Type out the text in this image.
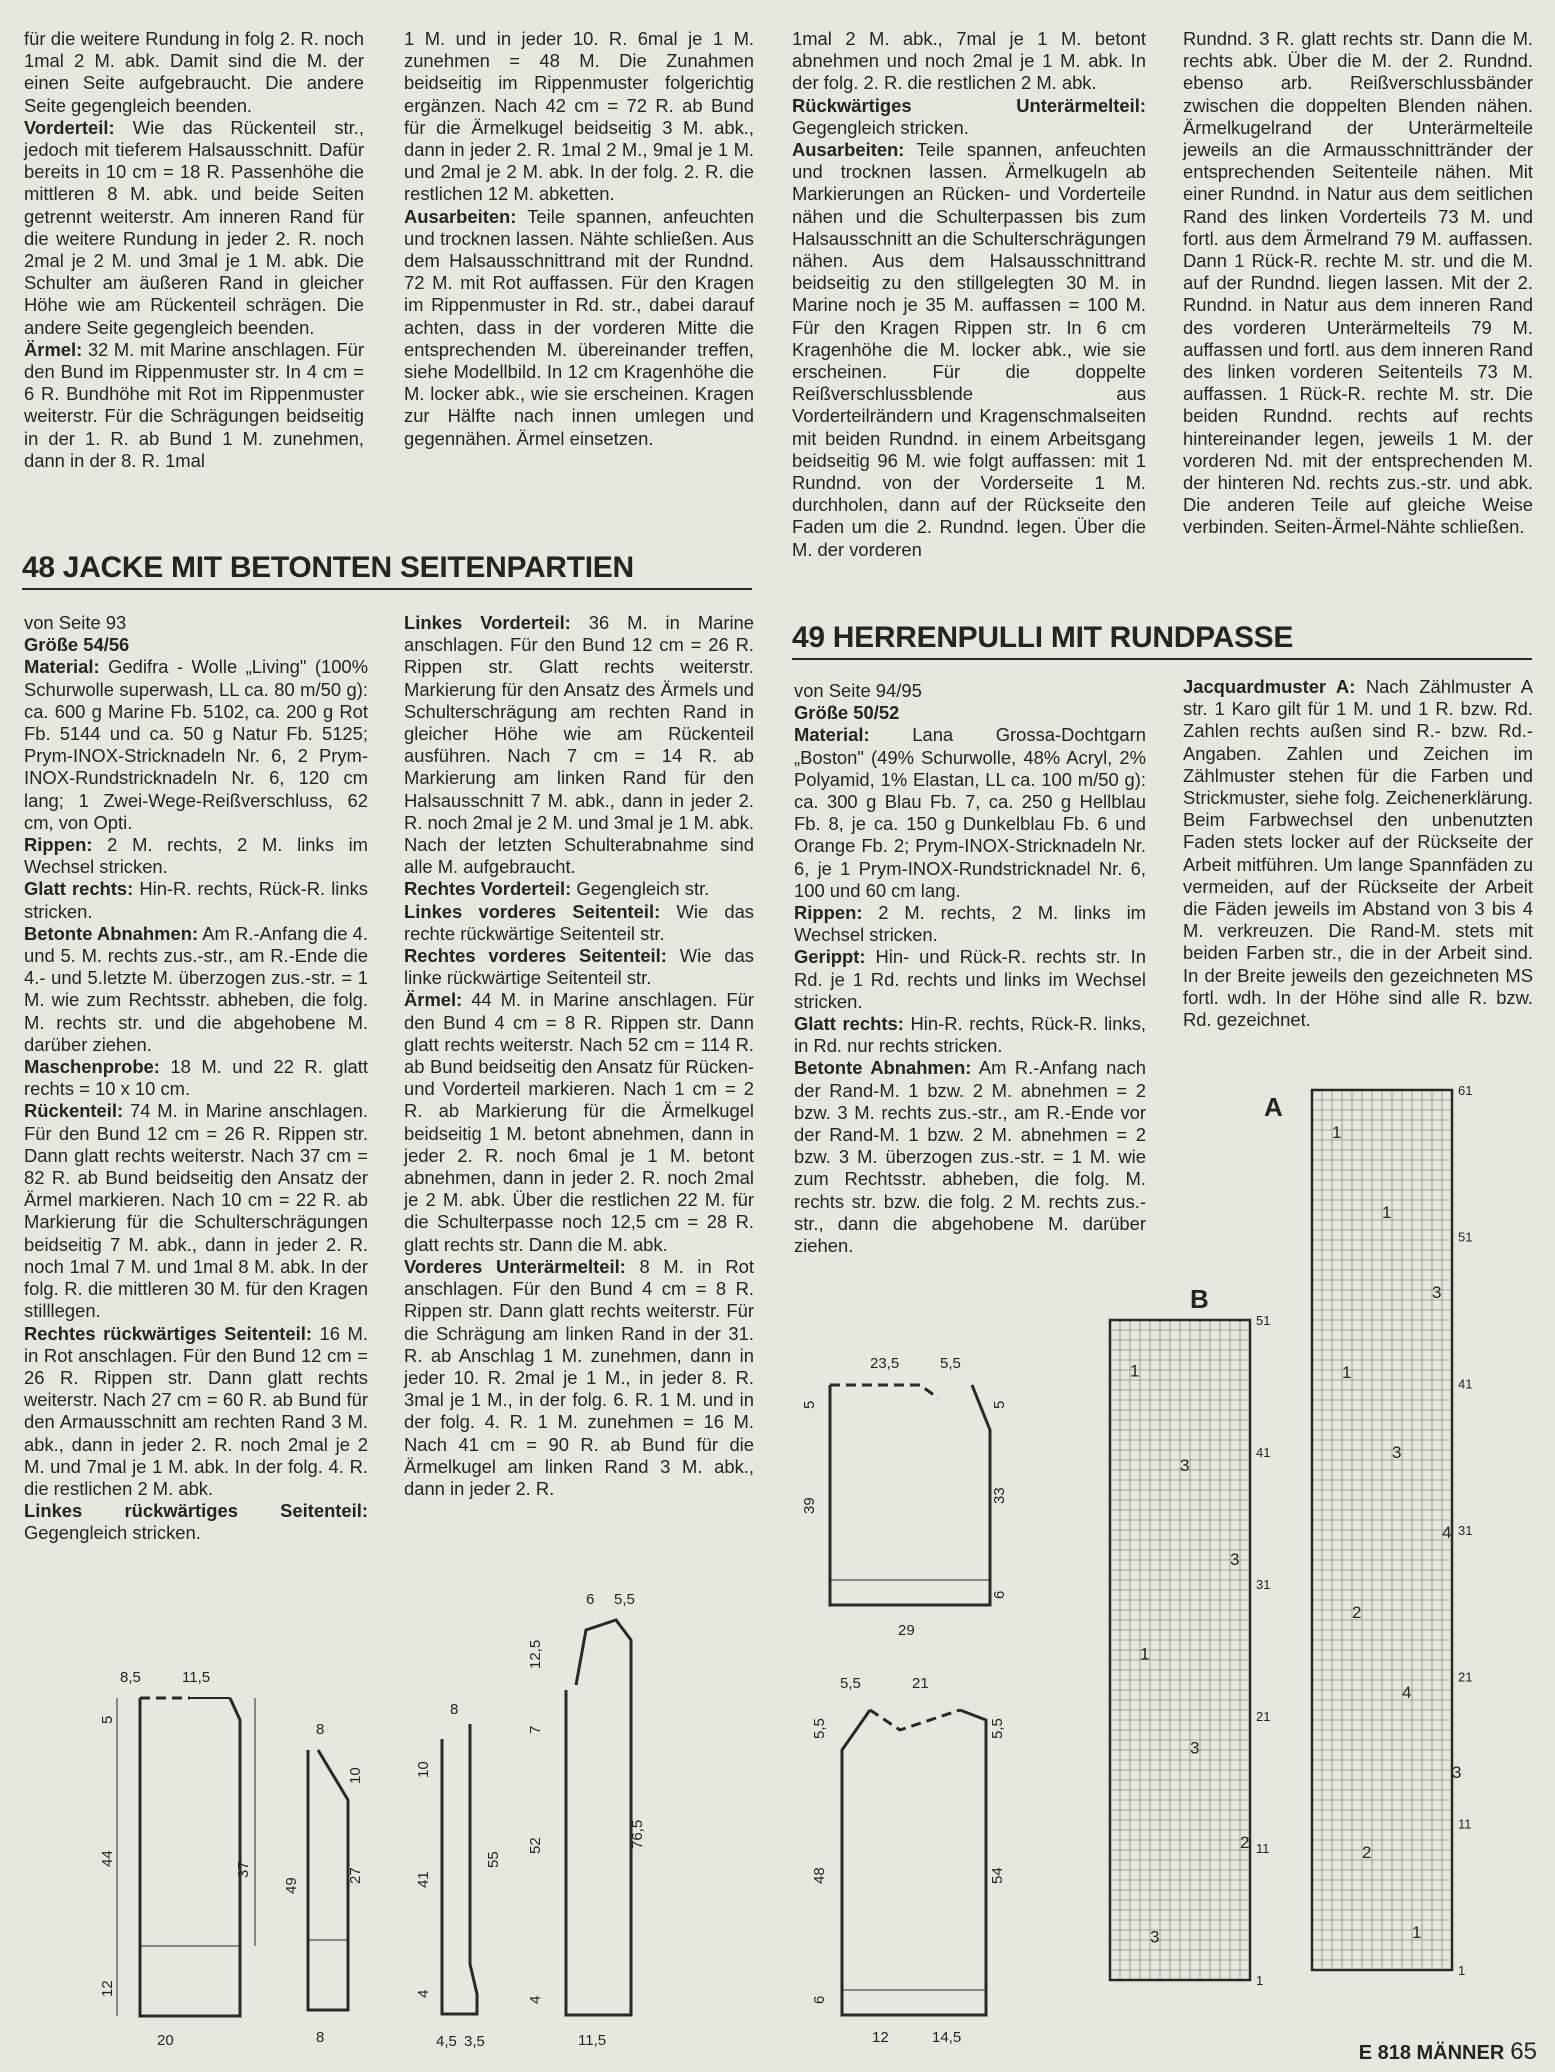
für die weitere Rundung in folg 2. R. noch 1mal 2 M. abk. Damit sind die M. der einen Seite aufgebraucht. Die andere Seite gegengleich beenden.

Vorderteil: Wie das Rückenteil str., jedoch mit tieferem Halsausschnitt. Dafür bereits in 10 cm = 18 R. Passenhöhe die mittleren 8 M. abk. und beide Seiten getrennt weiterstr. Am inneren Rand für die weitere Rundung in jeder 2. R. noch 2mal je 2 M. und 3mal je 1 M. abk. Die Schulter am äußeren Rand in gleicher Höhe wie am Rückenteil schrägen. Die andere Seite gegengleich beenden.

Ärmel: 32 M. mit Marine anschlagen. Für den Bund im Rippenmuster str. In 4 cm = 6 R. Bundhöhe mit Rot im Rippenmuster weiterstr. Für die Schrägungen beidseitig in der 1. R. ab Bund 1 M. zunehmen, dann in der 8. R. 1mal

1 M. und in jeder 10. R. 6mal je 1 M. zunehmen = 48 M. Die Zunahmen beidseitig im Rippenmuster folgerichtig ergänzen. Nach 42 cm = 72 R. ab Bund für die Ärmelkugel beidseitig 3 M. abk., dann in jeder 2. R. 1mal 2 M., 9mal je 1 M. und 2mal je 2 M. abk. In der folg. 2. R. die restlichen 12 M. abketten.

Ausarbeiten: Teile spannen, anfeuchten und trocknen lassen. Nähte schließen. Aus dem Halsausschnittrand mit der Rundnd. 72 M. mit Rot auffassen. Für den Kragen im Rippenmuster in Rd. str., dabei darauf achten, dass in der vorderen Mitte die entsprechenden M. übereinander treffen, siehe Modellbild. In 12 cm Kragenhöhe die M. locker abk., wie sie erscheinen. Kragen zur Hälfte nach innen umlegen und gegennähen. Ärmel einsetzen.

1mal 2 M. abk., 7mal je 1 M. betont abnehmen und noch 2mal je 1 M. abk. In der folg. 2. R. die restlichen 2 M. abk.

Rückwärtiges Unterärmelteil: Gegengleich stricken.

Ausarbeiten: Teile spannen, anfeuchten und trocknen lassen. Ärmelkugeln ab Markierungen an Rücken- und Vorderteile nähen und die Schulterpassen bis zum Halsausschnitt an die Schulterschrägungen nähen. Aus dem Halsausschnittrand beidseitig zu den stillgelegten 30 M. in Marine noch je 35 M. auffassen = 100 M. Für den Kragen Rippen str. In 6 cm Kragenhöhe die M. locker abk., wie sie erscheinen. Für die doppelte Reißverschlussblende aus Vorderteilrändern und Kragenschmalseiten mit beiden Rundnd. in einem Arbeitsgang beidseitig 96 M. wie folgt auffassen: mit 1 Rundnd. von der Vorderseite 1 M. durchholen, dann auf der Rückseite den Faden um die 2. Rundnd. legen. Über die M. der vorderen

Rundnd. 3 R. glatt rechts str. Dann die M. rechts abk. Über die M. der 2. Rundnd. ebenso arb. Reißverschlussbänder zwischen die doppelten Blenden nähen. Ärmelkugelrand der Unterärmelteile jeweils an die Armausschnittränder der entsprechenden Seitenteile nähen. Mit einer Rundnd. in Natur aus dem seitlichen Rand des linken Vorderteils 73 M. und fortl. aus dem Ärmelrand 79 M. auffassen. Dann 1 Rück-R. rechte M. str. und die M. auf der Rundnd. liegen lassen. Mit der 2. Rundnd. in Natur aus dem inneren Rand des vorderen Unterärmelteils 79 M. auffassen und fortl. aus dem inneren Rand des linken vorderen Seitenteils 73 M. auffassen. 1 Rück-R. rechte M. str. Die beiden Rundnd. rechts auf rechts hintereinander legen, jeweils 1 M. der vorderen Nd. mit der entsprechenden M. der hinteren Nd. rechts zus.-str. und abk. Die anderen Teile auf gleiche Weise verbinden. Seiten-Ärmel-Nähte schließen.

48 JACKE MIT BETONTEN SEITENPARTIEN

von Seite 93

Größe 54/56

Material: Gedifra - Wolle „Living" (100% Schurwolle superwash, LL ca. 80 m/50 g): ca. 600 g Marine Fb. 5102, ca. 200 g Rot Fb. 5144 und ca. 50 g Natur Fb. 5125; Prym-INOX-Stricknadeln Nr. 6, 2 Prym-INOX-Rundstricknadeln Nr. 6, 120 cm lang; 1 Zwei-Wege-Reißverschluss, 62 cm, von Opti.

Rippen: 2 M. rechts, 2 M. links im Wechsel stricken.

Glatt rechts: Hin-R. rechts, Rück-R. links stricken.

Betonte Abnahmen: Am R.-Anfang die 4. und 5. M. rechts zus.-str., am R.-Ende die 4.- und 5.letzte M. überzogen zus.-str. = 1 M. wie zum Rechtsstr. abheben, die folg. M. rechts str. und die abgehobene M. darüber ziehen.

Maschenprobe: 18 M. und 22 R. glatt rechts = 10 x 10 cm.

Rückenteil: 74 M. in Marine anschlagen. Für den Bund 12 cm = 26 R. Rippen str. Dann glatt rechts weiterstr. Nach 37 cm = 82 R. ab Bund beidseitig den Ansatz der Ärmel markieren. Nach 10 cm = 22 R. ab Markierung für die Schulterschrägungen beidseitig 7 M. abk., dann in jeder 2. R. noch 1mal 7 M. und 1mal 8 M. abk. In der folg. R. die mittleren 30 M. für den Kragen stilllegen.

Rechtes rückwärtiges Seitenteil: 16 M. in Rot anschlagen. Für den Bund 12 cm = 26 R. Rippen str. Dann glatt rechts weiterstr. Nach 27 cm = 60 R. ab Bund für den Armausschnitt am rechten Rand 3 M. abk., dann in jeder 2. R. noch 2mal je 2 M. und 7mal je 1 M. abk. In der folg. 4. R. die restlichen 2 M. abk.

Linkes rückwärtiges Seitenteil: Gegengleich stricken.

Linkes Vorderteil: 36 M. in Marine anschlagen. Für den Bund 12 cm = 26 R. Rippen str. Glatt rechts weiterstr. Markierung für den Ansatz des Ärmels und Schulterschrägung am rechten Rand in gleicher Höhe wie am Rückenteil ausführen. Nach 7 cm = 14 R. ab Markierung am linken Rand für den Halsausschnitt 7 M. abk., dann in jeder 2. R. noch 2mal je 2 M. und 3mal je 1 M. abk. Nach der letzten Schulterabnahme sind alle M. aufgebraucht.

Rechtes Vorderteil: Gegengleich str.

Linkes vorderes Seitenteil: Wie das rechte rückwärtige Seitenteil str.

Rechtes vorderes Seitenteil: Wie das linke rückwärtige Seitenteil str.

Ärmel: 44 M. in Marine anschlagen. Für den Bund 4 cm = 8 R. Rippen str. Dann glatt rechts weiterstr. Nach 52 cm = 114 R. ab Bund beidseitig den Ansatz für Rücken- und Vorderteil markieren. Nach 1 cm = 2 R. ab Markierung für die Ärmelkugel beidseitig 1 M. betont abnehmen, dann in jeder 2. R. noch 6mal je 1 M. betont abnehmen, dann in jeder 2. R. noch 2mal je 2 M. abk. Über die restlichen 22 M. für die Schulterpasse noch 12,5 cm = 28 R. glatt rechts str. Dann die M. abk.

Vorderes Unterärmelteil: 8 M. in Rot anschlagen. Für den Bund 4 cm = 8 R. Rippen str. Dann glatt rechts weiterstr. Für die Schrägung am linken Rand in der 31. R. ab Anschlag 1 M. zunehmen, dann in jeder 10. R. 2mal je 1 M., in jeder 8. R. 3mal je 1 M., in der folg. 6. R. 1 M. und in der folg. 4. R. 1 M. zunehmen = 16 M. Nach 41 cm = 90 R. ab Bund für die Ärmelkugel am linken Rand 3 M. abk., dann in jeder 2. R.

49 HERRENPULLI MIT RUNDPASSE

von Seite 94/95

Größe 50/52

Material: Lana Grossa-Dochtgarn „Boston" (49% Schurwolle, 48% Acryl, 2% Polyamid, 1% Elastan, LL ca. 100 m/50 g): ca. 300 g Blau Fb. 7, ca. 250 g Hellblau Fb. 8, je ca. 150 g Dunkelblau Fb. 6 und Orange Fb. 2; Prym-INOX-Stricknadeln Nr. 6, je 1 Prym-INOX-Rundstricknadel Nr. 6, 100 und 60 cm lang.

Rippen: 2 M. rechts, 2 M. links im Wechsel stricken.

Gerippt: Hin- und Rück-R. rechts str. In Rd. je 1 Rd. rechts und links im Wechsel stricken.

Glatt rechts: Hin-R. rechts, Rück-R. links, in Rd. nur rechts stricken.

Betonte Abnahmen: Am R.-Anfang nach der Rand-M. 1 bzw. 2 M. abnehmen = 2 bzw. 3 M. rechts zus.-str., am R.-Ende vor der Rand-M. 1 bzw. 2 M. abnehmen = 2 bzw. 3 M. überzogen zus.-str. = 1 M. wie zum Rechtsstr. abheben, die folg. M. rechts str. bzw. die folg. 2 M. rechts zus.-str., dann die abgehobene M. darüber ziehen.

Jacquardmuster A: Nach Zählmuster A str. 1 Karo gilt für 1 M. und 1 R. bzw. Rd. Zahlen rechts außen sind R.- bzw. Rd.-Angaben. Zahlen und Zeichen im Zählmuster stehen für die Farben und Strickmuster, siehe folg. Zeichenerklärung. Beim Farbwechsel den unbenutzten Faden stets locker auf der Rückseite der Arbeit mitführen. Um lange Spannfäden zu vermeiden, auf der Rückseite der Arbeit die Fäden jeweils im Abstand von 3 bis 4 M. verkreuzen. Die Rand-M. stets mit beiden Farben str., die in der Arbeit sind. In der Breite jeweils den gezeichneten MS fortl. wdh. In der Höhe sind alle R. bzw. Rd. gezeichnet.

8,5	11,5
5
44
12
20
37
8
49
10
27
8
8
10
41
55
4
4,5 3,5
6 5,5
12,5
7
52	76,5
4
11,5
23,5	5,5
5	5
39
33
6
29
5,5	21
5,5	5,5
48	54
6
12	14,5
A
61
51
41
31
21
11
1
1
1
3
1
3
4
2
4
3
2
1
B
51
41
31
21
11
1
1
3
3
1
3
2
3
E 818 MÄNNER 65
